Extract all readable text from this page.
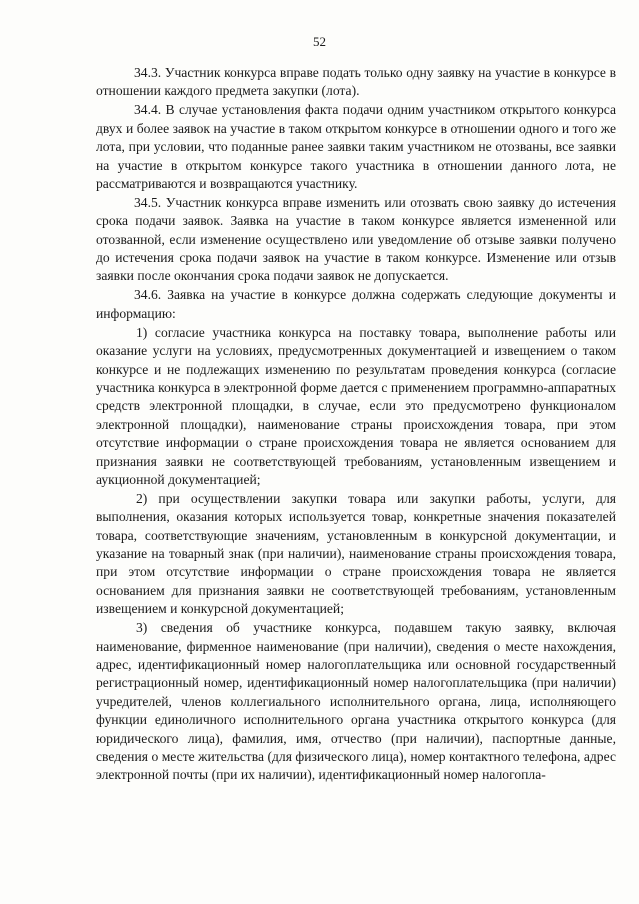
52

34.3. Участник конкурса вправе подать только одну заявку на участие в конкурсе в отношении каждого предмета закупки (лота).

34.4. В случае установления факта подачи одним участником открытого конкурса двух и более заявок на участие в таком открытом конкурсе в отношении одного и того же лота, при условии, что поданные ранее заявки таким участником не отозваны, все заявки на участие в открытом конкурсе такого участника в отношении данного лота, не рассматриваются и возвращаются участнику.

34.5. Участник конкурса вправе изменить или отозвать свою заявку до истечения срока подачи заявок. Заявка на участие в таком конкурсе является измененной или отозванной, если изменение осуществлено или уведомление об отзыве заявки получено до истечения срока подачи заявок на участие в таком конкурсе. Изменение или отзыв заявки после окончания срока подачи заявок не допускается.

34.6. Заявка на участие в конкурсе должна содержать следующие документы и информацию:

1) согласие участника конкурса на поставку товара, выполнение работы или оказание услуги на условиях, предусмотренных документацией и извещением о таком конкурсе и не подлежащих изменению по результатам проведения конкурса (согласие участника конкурса в электронной форме дается с применением программно-аппаратных средств электронной площадки, в случае, если это предусмотрено функционалом электронной площадки), наименование страны происхождения товара, при этом отсутствие информации о стране происхождения товара не является основанием для признания заявки не соответствующей требованиям, установленным извещением и аукционной документацией;

2) при осуществлении закупки товара или закупки работы, услуги, для выполнения, оказания которых используется товар, конкретные значения показателей товара, соответствующие значениям, установленным в конкурсной документации, и указание на товарный знак (при наличии), наименование страны происхождения товара, при этом отсутствие информации о стране происхождения товара не является основанием для признания заявки не соответствующей требованиям, установленным извещением и конкурсной документацией;

3) сведения об участнике конкурса, подавшем такую заявку, включая наименование, фирменное наименование (при наличии), сведения о месте нахождения, адрес, идентификационный номер налогоплательщика или основной государственный регистрационный номер, идентификационный номер налогоплательщика (при наличии) учредителей, членов коллегиального исполнительного органа, лица, исполняющего функции единоличного исполнительного органа участника открытого конкурса (для юридического лица), фамилия, имя, отчество (при наличии), паспортные данные, сведения о месте жительства (для физического лица), номер контактного телефона, адрес электронной почты (при их наличии), идентификационный номер налогопла-
